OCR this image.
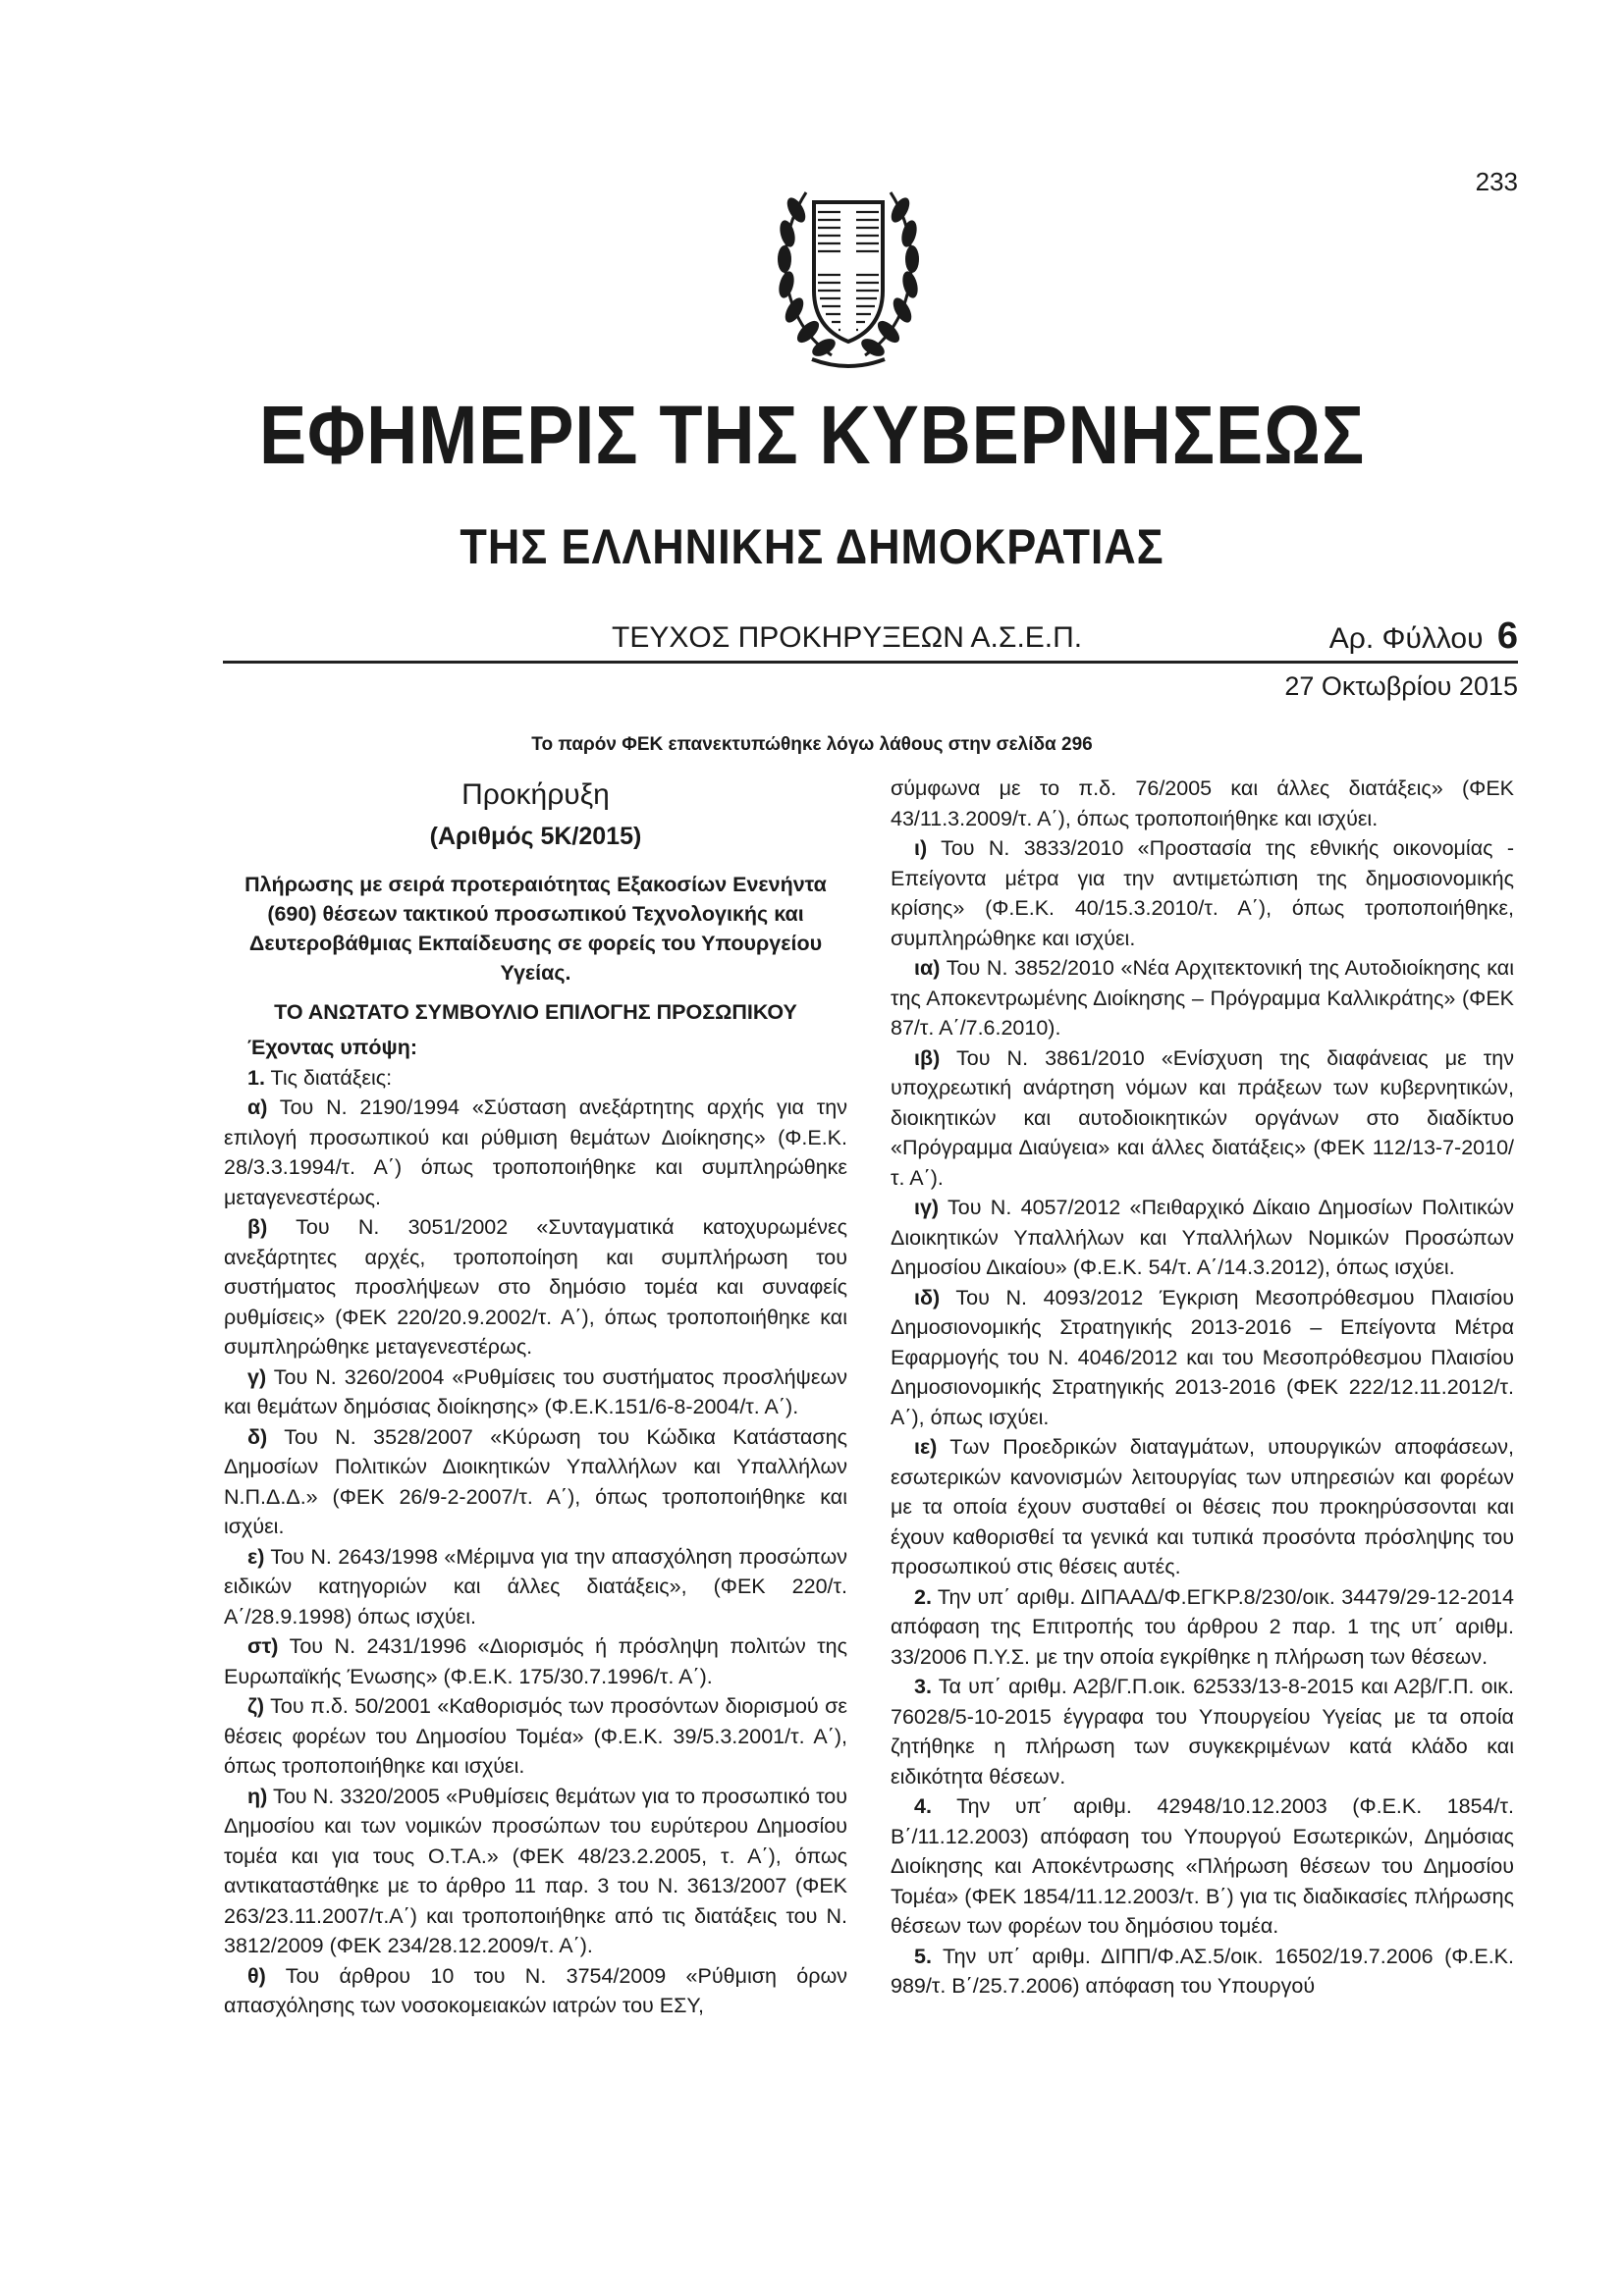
233
ΕΦΗΜΕΡΙΣ ΤΗΣ ΚΥΒΕΡΝΗΣΕΩΣ
ΤΗΣ ΕΛΛΗΝΙΚΗΣ ΔΗΜΟΚΡΑΤΙΑΣ
ΤΕΥΧΟΣ ΠΡΟΚΗΡΥΞΕΩΝ Α.Σ.Ε.Π.	Αρ. Φύλλου 6
27 Οκτωβρίου 2015
Το παρόν ΦΕΚ επανεκτυπώθηκε λόγω λάθους στην σελίδα 296

Προκήρυξη

(Αριθμός 5Κ/2015)

Πλήρωσης με σειρά προτεραιότητας Εξακοσίων Ενενήντα (690) θέσεων τακτικού προσωπικού Τεχνολογικής και Δευτεροβάθμιας Εκπαίδευσης σε φορείς του Υπουργείου Υγείας.

ΤΟ ΑΝΩΤΑΤΟ ΣΥΜΒΟΥΛΙΟ ΕΠΙΛΟΓΗΣ ΠΡΟΣΩΠΙΚΟΥ

Έχοντας υπόψη:

1. Τις διατάξεις:

α) Του Ν. 2190/1994 «Σύσταση ανεξάρτητης αρχής για την επιλογή προσωπικού και ρύθμιση θεμάτων Διοίκησης» (Φ.Ε.Κ. 28/3.3.1994/τ. Α΄) όπως τροποποιήθηκε και συμπληρώθηκε μεταγενεστέρως.

β) Του Ν. 3051/2002 «Συνταγματικά κατοχυρωμένες ανεξάρτητες αρχές, τροποποίηση και συμπλήρωση του συστήματος προσλήψεων στο δημόσιο τομέα και συναφείς ρυθμίσεις» (ΦΕΚ 220/20.9.2002/τ. Α΄), όπως τροποποιήθηκε και συμπληρώθηκε μεταγενεστέρως.

γ) Του Ν. 3260/2004 «Ρυθμίσεις του συστήματος προσλήψεων και θεμάτων δημόσιας διοίκησης» (Φ.Ε.Κ.151/6-8-2004/τ. Α΄).

δ) Του Ν. 3528/2007 «Κύρωση του Κώδικα Κατάστασης Δημοσίων Πολιτικών Διοικητικών Υπαλλήλων και Υπαλλήλων Ν.Π.Δ.Δ.» (ΦΕΚ 26/9-2-2007/τ. Α΄), όπως τροποποιήθηκε και ισχύει.

ε) Του Ν. 2643/1998 «Μέριμνα για την απασχόληση προσώπων ειδικών κατηγοριών και άλλες διατάξεις», (ΦΕΚ 220/τ. Α΄/28.9.1998) όπως ισχύει.

στ) Του Ν. 2431/1996 «Διορισμός ή πρόσληψη πολιτών της Ευρωπαϊκής Ένωσης» (Φ.Ε.Κ. 175/30.7.1996/τ. Α΄).

ζ) Του π.δ. 50/2001 «Καθορισμός των προσόντων διορισμού σε θέσεις φορέων του Δημοσίου Τομέα» (Φ.Ε.Κ. 39/5.3.2001/τ. Α΄), όπως τροποποιήθηκε και ισχύει.

η) Του Ν. 3320/2005 «Ρυθμίσεις θεμάτων για το προσωπικό του Δημοσίου και των νομικών προσώπων του ευρύτερου Δημοσίου τομέα και για τους Ο.Τ.Α.» (ΦΕΚ 48/23.2.2005, τ. Α΄), όπως αντικαταστάθηκε με το άρθρο 11 παρ. 3 του Ν. 3613/2007 (ΦΕΚ 263/23.11.2007/τ.Α΄) και τροποποιήθηκε από τις διατάξεις του Ν. 3812/2009 (ΦΕΚ 234/28.12.2009/τ. Α΄).

θ) Του άρθρου 10 του Ν. 3754/2009 «Ρύθμιση όρων απασχόλησης των νοσοκομειακών ιατρών του ΕΣΥ,

σύμφωνα με το π.δ. 76/2005 και άλλες διατάξεις» (ΦΕΚ 43/11.3.2009/τ. Α΄), όπως τροποποιήθηκε και ισχύει.

ι) Του Ν. 3833/2010 «Προστασία της εθνικής οικονομίας - Επείγοντα μέτρα για την αντιμετώπιση της δημοσιονομικής κρίσης» (Φ.Ε.Κ. 40/15.3.2010/τ. Α΄), όπως τροποποιήθηκε, συμπληρώθηκε και ισχύει.

ια) Του Ν. 3852/2010 «Νέα Αρχιτεκτονική της Αυτοδιοίκησης και της Αποκεντρωμένης Διοίκησης – Πρόγραμμα Καλλικράτης» (ΦΕΚ 87/τ. Α΄/7.6.2010).

ιβ) Του Ν. 3861/2010 «Ενίσχυση της διαφάνειας με την υποχρεωτική ανάρτηση νόμων και πράξεων των κυβερνητικών, διοικητικών και αυτοδιοικητικών οργάνων στο διαδίκτυο «Πρόγραμμα Διαύγεια» και άλλες διατάξεις» (ΦΕΚ 112/13-7-2010/τ. Α΄).

ιγ) Του Ν. 4057/2012 «Πειθαρχικό Δίκαιο Δημοσίων Πολιτικών Διοικητικών Υπαλλήλων και Υπαλλήλων Νομικών Προσώπων Δημοσίου Δικαίου» (Φ.Ε.Κ. 54/τ. Α΄/14.3.2012), όπως ισχύει.

ιδ) Του Ν. 4093/2012 Έγκριση Μεσοπρόθεσμου Πλαισίου Δημοσιονομικής Στρατηγικής 2013-2016 – Επείγοντα Μέτρα Εφαρμογής του Ν. 4046/2012 και του Μεσοπρόθεσμου Πλαισίου Δημοσιονομικής Στρατηγικής 2013-2016 (ΦΕΚ 222/12.11.2012/τ. Α΄), όπως ισχύει.

ιε) Των Προεδρικών διαταγμάτων, υπουργικών αποφάσεων, εσωτερικών κανονισμών λειτουργίας των υπηρεσιών και φορέων με τα οποία έχουν συσταθεί οι θέσεις που προκηρύσσονται και έχουν καθορισθεί τα γενικά και τυπικά προσόντα πρόσληψης του προσωπικού στις θέσεις αυτές.

2. Την υπ΄ αριθμ. ΔΙΠΑΑΔ/Φ.ΕΓΚΡ.8/230/οικ. 34479/29-12-2014 απόφαση της Επιτροπής του άρθρου 2 παρ. 1 της υπ΄ αριθμ. 33/2006 Π.Υ.Σ. με την οποία εγκρίθηκε η πλήρωση των θέσεων.

3. Τα υπ΄ αριθμ. Α2β/Γ.Π.οικ. 62533/13-8-2015 και Α2β/Γ.Π. οικ. 76028/5-10-2015 έγγραφα του Υπουργείου Υγείας με τα οποία ζητήθηκε η πλήρωση των συγκεκριμένων κατά κλάδο και ειδικότητα θέσεων.

4. Την υπ΄ αριθμ. 42948/10.12.2003 (Φ.Ε.Κ. 1854/τ. Β΄/11.12.2003) απόφαση του Υπουργού Εσωτερικών, Δημόσιας Διοίκησης και Αποκέντρωσης «Πλήρωση θέσεων του Δημοσίου Τομέα» (ΦΕΚ 1854/11.12.2003/τ. Β΄) για τις διαδικασίες πλήρωσης θέσεων των φορέων του δημόσιου τομέα.

5. Την υπ΄ αριθμ. ΔΙΠΠ/Φ.ΑΣ.5/οικ. 16502/19.7.2006 (Φ.Ε.Κ. 989/τ. Β΄/25.7.2006) απόφαση του Υπουργού
